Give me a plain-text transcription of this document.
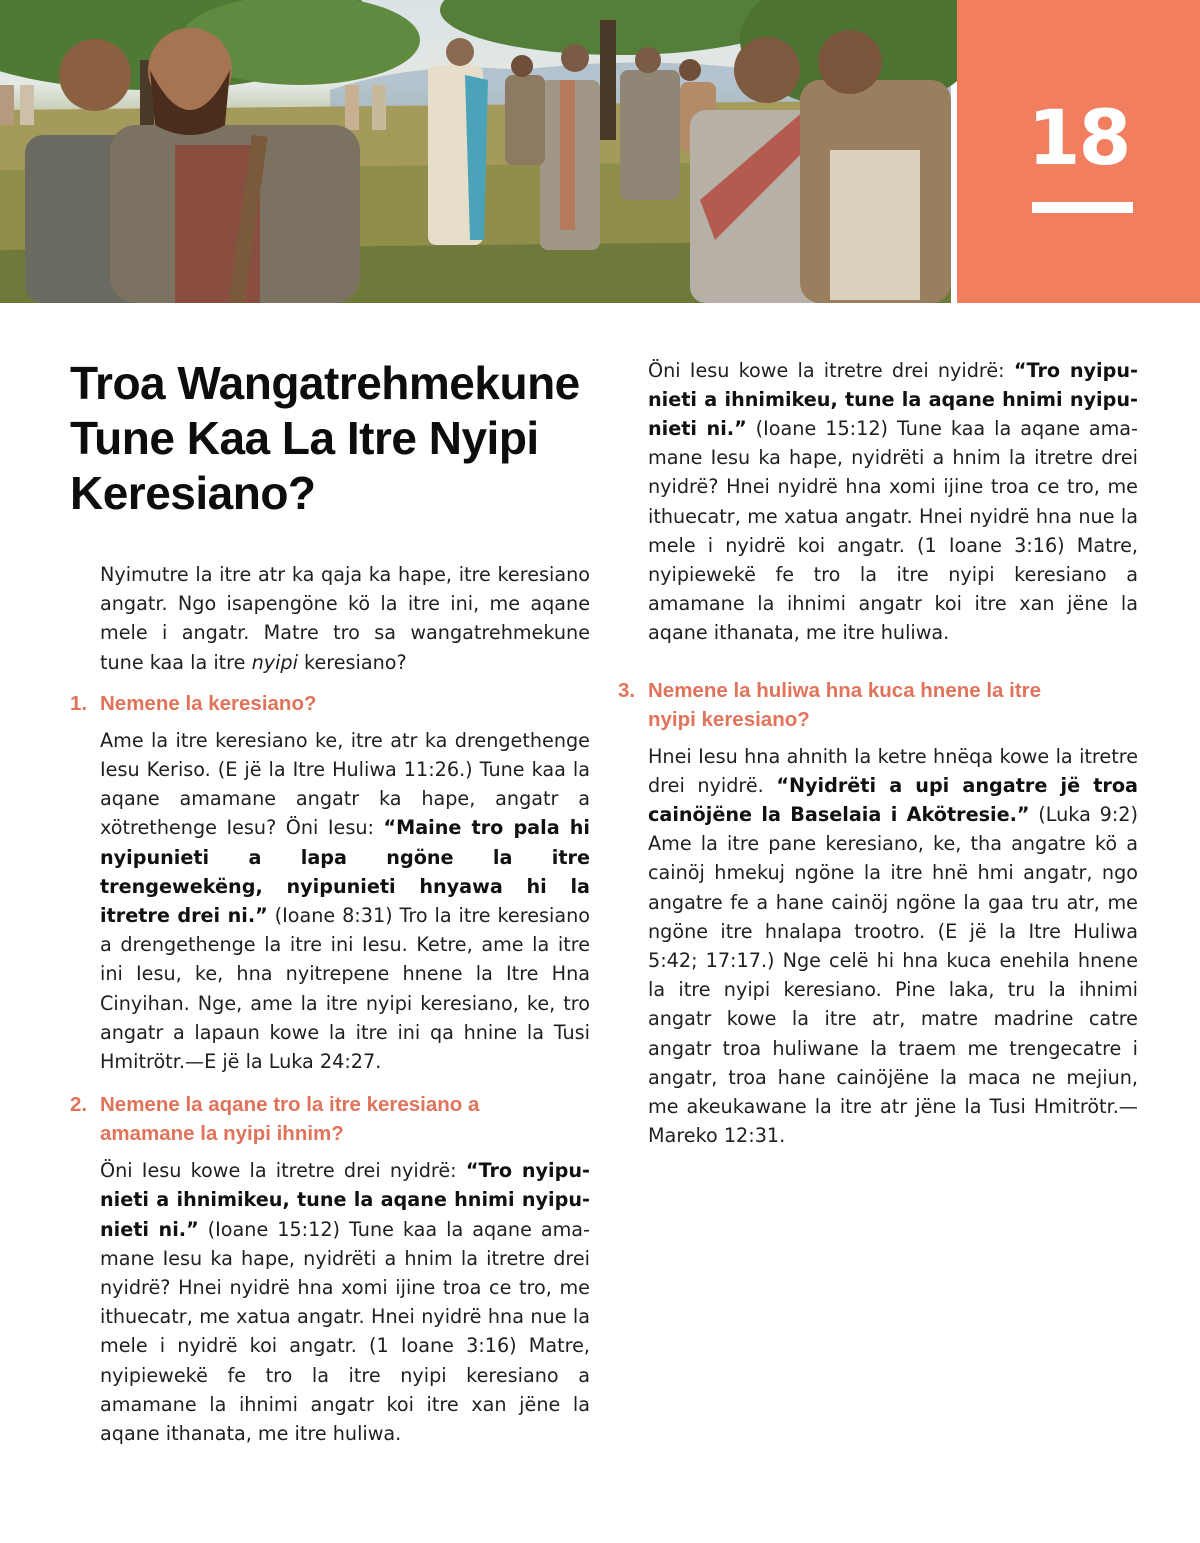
18
Troa Wangatrehmekune
Tune Kaa La Itre Nyipi
Keresiano?

Nyimutre la itre atr ka qaja ka hape, itre keresiano angatr. Ngo isapengöne kö la itre ini, me aqane mele i angatr. Matre tro sa wangatrehmekune tune kaa la itre nyipi keresiano?

1. Nemene la keresiano?

Ame la itre keresiano ke, itre atr ka drengethenge Iesu Keriso. (E jë la Itre Huliwa 11:26.) Tune kaa la aqane amamane angatr ka hape, angatr a xötrethenge Iesu? Öni Iesu: “Maine tro pala hi nyipunieti a lapa ngöne la itre trengewekëng, nyipunieti hnyawa hi la itretre drei ni.” (Ioane 8:31) Tro la itre keresiano a drengethenge la itre ini Iesu. Ketre, ame la itre ini Iesu, ke, hna nyitrepene hnene la Itre Hna Cinyihan. Nge, ame la itre nyipi keresiano, ke, tro angatr a lapaun kowe la itre ini qa hnine la Tusi Hmitrötr.—E jë la Luka 24:27.

2. Nemene la aqane tro la itre keresiano a amamane la nyipi ihnim?

Öni Iesu kowe la itretre drei nyidrë: “Tro nyipunieti a ihnimikeu, tune la aqane hnimi nyipunieti ni.” (Ioane 15:12) Tune kaa la aqane amamane Iesu ka hape, nyidrëti a hnim la itretre drei nyidrë? Hnei nyidrë hna xomi ijine troa ce tro, me ithuecatr, me xatua angatr. Hnei nyidrë hna nue la mele i nyidrë koi angatr. (1 Ioane 3:16) Matre, nyipiewekë fe tro la itre nyipi keresiano a amamane la ihnimi angatr koi itre xan jëne la aqane ithanata, me itre huliwa.

Öni Iesu kowe la itretre drei nyidrë: “Tro nyipunieti a ihnimikeu, tune la aqane hnimi nyipunieti ni.” (Ioane 15:12) Tune kaa la aqane amamane Iesu ka hape, nyidrëti a hnim la itretre drei nyidrë? Hnei nyidrë hna xomi ijine troa ce tro, me ithuecatr, me xatua angatr. Hnei nyidrë hna nue la mele i nyidrë koi angatr. (1 Ioane 3:16) Matre, nyipiewekë fe tro la itre nyipi keresiano a amamane la ihnimi angatr koi itre xan jëne la aqane ithanata, me itre huliwa.

3. Nemene la huliwa hna kuca hnene la itre nyipi keresiano?

Hnei Iesu hna ahnith la ketre hnëqa kowe la itretre drei nyidrë. “Nyidrëti a upi angatre jë troa cainöjëne la Baselaia i Akötresie.” (Luka 9:2) Ame la itre pane keresiano, ke, tha angatre kö a cainöj hmekuj ngöne la itre hnë hmi angatr, ngo angatre fe a hane cainöj ngöne la gaa tru atr, me ngöne itre hnalapa trootro. (E jë la Itre Huliwa 5:42; 17:17.) Nge celë hi hna kuca enehila hnene la itre nyipi keresiano. Pine laka, tru la ihnimi angatr kowe la itre atr, matre madrine catre angatr troa huliwane la traem me trengecatre i angatr, troa hane cainöjëne la maca ne mejiun, me akeukawane la itre atr jëne la Tusi Hmitrötr.—Mareko 12:31.
